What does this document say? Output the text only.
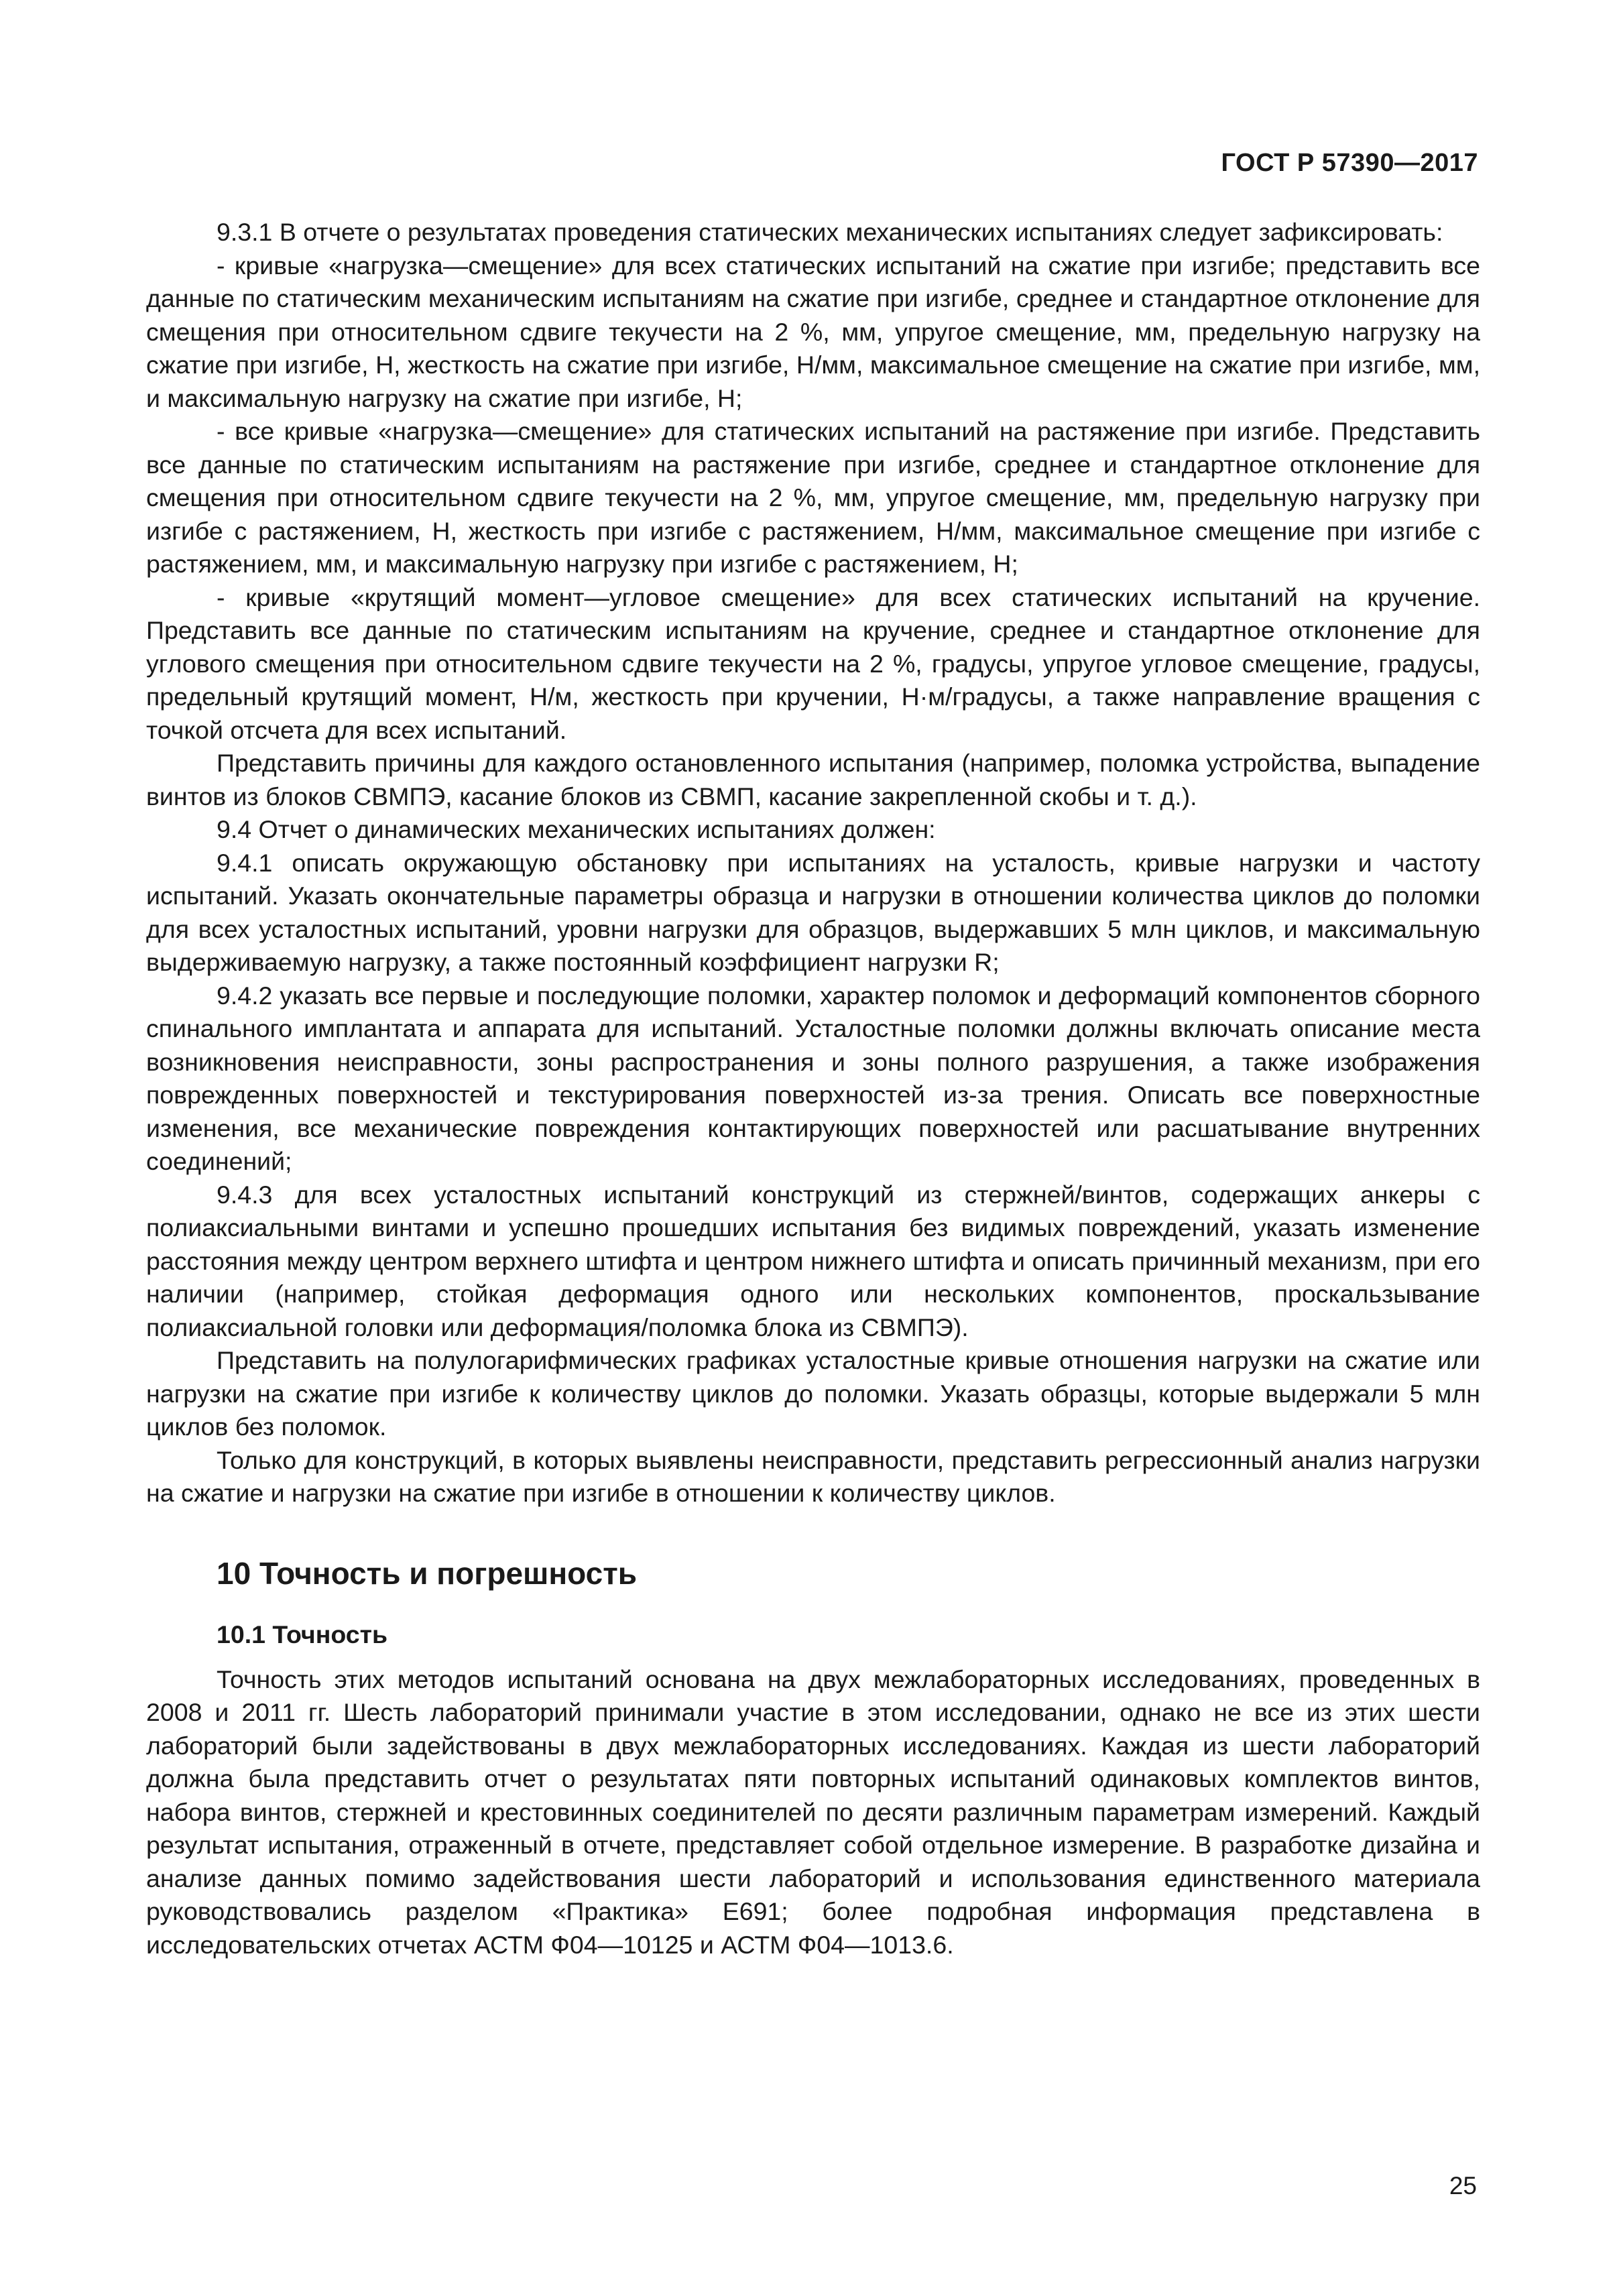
ГОСТ Р 57390—2017

9.3.1 В отчете о результатах проведения статических механических испытаниях следует зафиксировать:

- кривые «нагрузка—смещение» для всех статических испытаний на сжатие при изгибе; представить все данные по статическим механическим испытаниям на сжатие при изгибе, среднее и стандартное отклонение для смещения при относительном сдвиге текучести на 2 %, мм, упругое смещение, мм, предельную нагрузку на сжатие при изгибе, Н, жесткость на сжатие при изгибе, Н/мм, максимальное смещение на сжатие при изгибе, мм, и максимальную нагрузку на сжатие при изгибе, Н;

- все кривые «нагрузка—смещение» для статических испытаний на растяжение при изгибе. Представить все данные по статическим испытаниям на растяжение при изгибе, среднее и стандартное отклонение для смещения при относительном сдвиге текучести на 2 %, мм, упругое смещение, мм, предельную нагрузку при изгибе с растяжением, Н, жесткость при изгибе с растяжением, Н/мм, максимальное смещение при изгибе с растяжением, мм, и максимальную нагрузку при изгибе с растяжением, Н;

- кривые «крутящий момент—угловое смещение» для всех статических испытаний на кручение. Представить все данные по статическим испытаниям на кручение, среднее и стандартное отклонение для углового смещения при относительном сдвиге текучести на 2 %, градусы, упругое угловое смещение, градусы, предельный крутящий момент, Н/м, жесткость при кручении, Н·м/градусы, а также направление вращения с точкой отсчета для всех испытаний.

Представить причины для каждого остановленного испытания (например, поломка устройства, выпадение винтов из блоков СВМПЭ, касание блоков из СВМП, касание закрепленной скобы и т. д.).

9.4 Отчет о динамических механических испытаниях должен:

9.4.1 описать окружающую обстановку при испытаниях на усталость, кривые нагрузки и частоту испытаний. Указать окончательные параметры образца и нагрузки в отношении количества циклов до поломки для всех усталостных испытаний, уровни нагрузки для образцов, выдержавших 5 млн циклов, и максимальную выдерживаемую нагрузку, а также постоянный коэффициент нагрузки R;

9.4.2 указать все первые и последующие поломки, характер поломок и деформаций компонентов сборного спинального имплантата и аппарата для испытаний. Усталостные поломки должны включать описание места возникновения неисправности, зоны распространения и зоны полного разрушения, а также изображения поврежденных поверхностей и текстурирования поверхностей из-за трения. Описать все поверхностные изменения, все механические повреждения контактирующих поверхностей или расшатывание внутренних соединений;

9.4.3 для всех усталостных испытаний конструкций из стержней/винтов, содержащих анкеры с полиаксиальными винтами и успешно прошедших испытания без видимых повреждений, указать изменение расстояния между центром верхнего штифта и центром нижнего штифта и описать причинный механизм, при его наличии (например, стойкая деформация одного или нескольких компонентов, проскальзывание полиаксиальной головки или деформация/поломка блока из СВМПЭ).

Представить на полулогарифмических графиках усталостные кривые отношения нагрузки на сжатие или нагрузки на сжатие при изгибе к количеству циклов до поломки. Указать образцы, которые выдержали 5 млн циклов без поломок.

Только для конструкций, в которых выявлены неисправности, представить регрессионный анализ нагрузки на сжатие и нагрузки на сжатие при изгибе в отношении к количеству циклов.

10 Точность и погрешность
10.1 Точность

Точность этих методов испытаний основана на двух межлабораторных исследованиях, проведенных в 2008 и 2011 гг. Шесть лабораторий принимали участие в этом исследовании, однако не все из этих шести лабораторий были задействованы в двух межлабораторных исследованиях. Каждая из шести лабораторий должна была представить отчет о результатах пяти повторных испытаний одинаковых комплектов винтов, набора винтов, стержней и крестовинных соединителей по десяти различным параметрам измерений. Каждый результат испытания, отраженный в отчете, представляет собой отдельное измерение. В разработке дизайна и анализе данных помимо задействования шести лабораторий и использования единственного материала руководствовались разделом «Практика» Е691; более подробная информация представлена в исследовательских отчетах АСТМ Ф04—10125 и АСТМ Ф04—1013.6.

25
